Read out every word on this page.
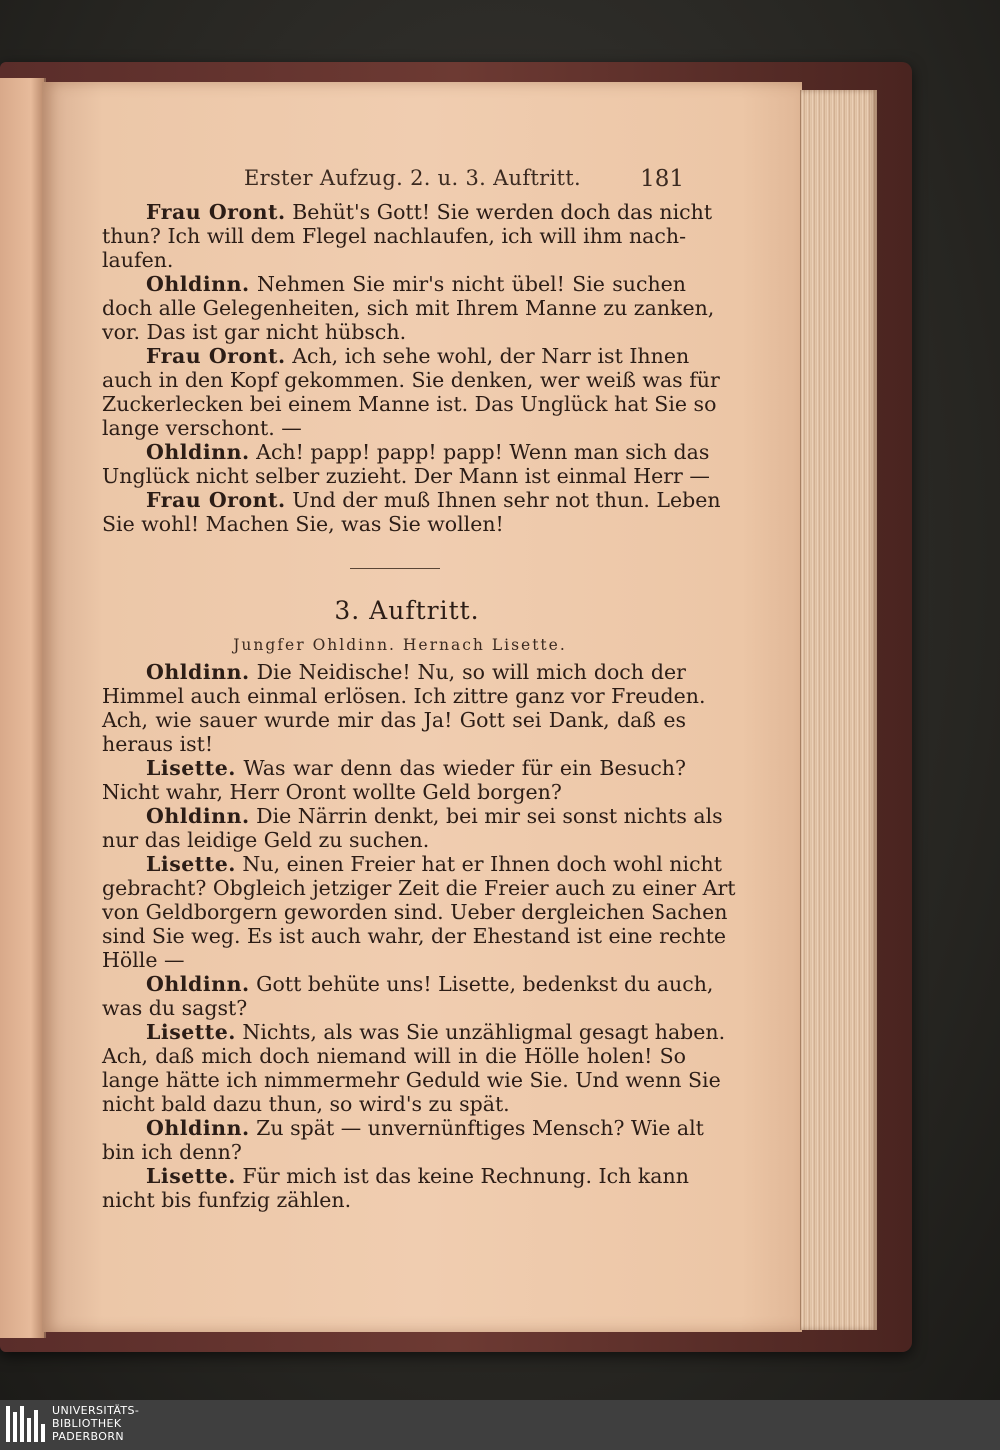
Erster Aufzug. 2. u. 3. Auftritt.	181
Frau Oront. Behüt's Gott! Sie werden doch das nicht
thun? Ich will dem Flegel nachlaufen, ich will ihm nach-
laufen.
Ohldinn. Nehmen Sie mir's nicht übel! Sie suchen
doch alle Gelegenheiten, sich mit Ihrem Manne zu zanken,
vor. Das ist gar nicht hübsch.
Frau Oront. Ach, ich sehe wohl, der Narr ist Ihnen
auch in den Kopf gekommen. Sie denken, wer weiß was für
Zuckerlecken bei einem Manne ist. Das Unglück hat Sie so
lange verschont. —
Ohldinn. Ach! papp! papp! papp! Wenn man sich das
Unglück nicht selber zuzieht. Der Mann ist einmal Herr —
Frau Oront. Und der muß Ihnen sehr not thun. Leben
Sie wohl! Machen Sie, was Sie wollen!
3. Auftritt.
Jungfer Ohldinn. Hernach Lisette.
Ohldinn. Die Neidische! Nu, so will mich doch der
Himmel auch einmal erlösen. Ich zittre ganz vor Freuden.
Ach, wie sauer wurde mir das Ja! Gott sei Dank, daß es
heraus ist!
Lisette. Was war denn das wieder für ein Besuch?
Nicht wahr, Herr Oront wollte Geld borgen?
Ohldinn. Die Närrin denkt, bei mir sei sonst nichts als
nur das leidige Geld zu suchen.
Lisette. Nu, einen Freier hat er Ihnen doch wohl nicht
gebracht? Obgleich jetziger Zeit die Freier auch zu einer Art
von Geldborgern geworden sind. Ueber dergleichen Sachen
sind Sie weg. Es ist auch wahr, der Ehestand ist eine rechte
Hölle —
Ohldinn. Gott behüte uns! Lisette, bedenkst du auch,
was du sagst?
Lisette. Nichts, als was Sie unzähligmal gesagt haben.
Ach, daß mich doch niemand will in die Hölle holen! So
lange hätte ich nimmermehr Geduld wie Sie. Und wenn Sie
nicht bald dazu thun, so wird's zu spät.
Ohldinn. Zu spät — unvernünftiges Mensch? Wie alt
bin ich denn?
Lisette. Für mich ist das keine Rechnung. Ich kann
nicht bis funfzig zählen.
UNIVERSITÄTS-
BIBLIOTHEK
PADERBORN
